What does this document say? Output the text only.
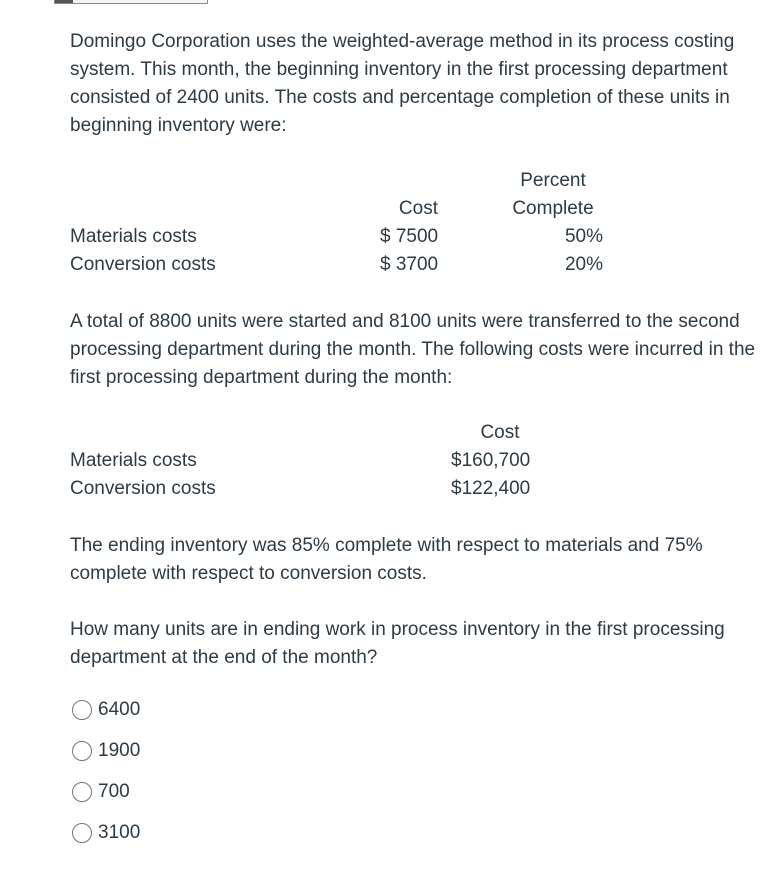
Domingo Corporation uses the weighted-average method in its process costing system. This month, the beginning inventory in the first processing department consisted of 2400 units. The costs and percentage completion of these units in beginning inventory were:

Percent
Cost	Complete
Materials costs	$ 7500	50%
Conversion costs	$ 3700	20%

A total of 8800 units were started and 8100 units were transferred to the second processing department during the month. The following costs were incurred in the first processing department during the month:

Cost
Materials costs	$160,700
Conversion costs	$122,400

The ending inventory was 85% complete with respect to materials and 75% complete with respect to conversion costs.

How many units are in ending work in process inventory in the first processing department at the end of the month?

6400
1900
700
3100
